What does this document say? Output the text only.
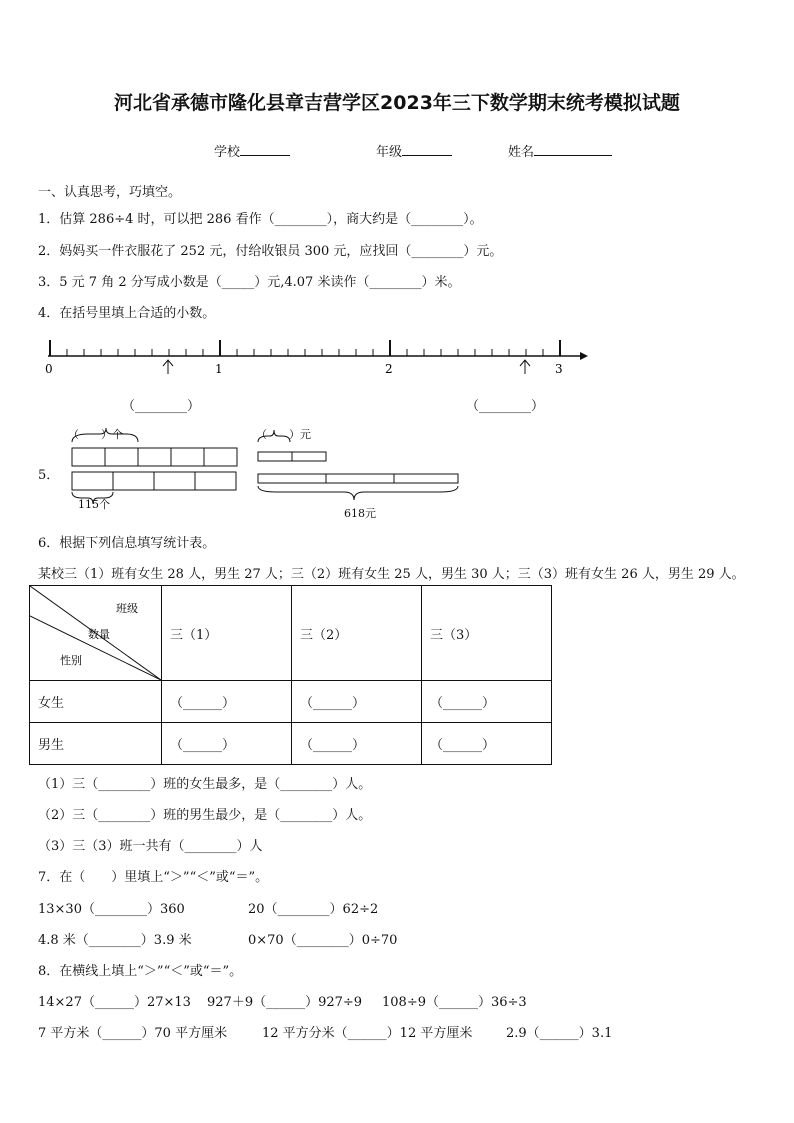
河北省承德市隆化县章吉营学区2023年三下数学期末统考模拟试题
学校	年级	姓名
一、认真思考，巧填空。
1．估算 286÷4 时，可以把 286 看作（________），商大约是（________）。
2．妈妈买一件衣服花了 252 元，付给收银员 300 元，应找回（________）元。
3．5 元 7 角 2 分写成小数是（_____）元,4.07 米读作（________）米。
4．在括号里填上合适的小数。
0	1	2	3
（________）	（________）
5．
（　　）个
115个
（　　）元
618元
6．根据下列信息填写统计表。
某校三（1）班有女生 28 人，男生 27 人；三（2）班有女生 25 人，男生 30 人；三（3）班有女生 26 人，男生 29 人。
班级
数量
性别	三（1）	三（2）	三（3）
女生	（______）	（______）	（______）
男生	（______）	（______）	（______）
（1）三（________）班的女生最多，是（________）人。
（2）三（________）班的男生最少，是（________）人。
（3）三（3）班一共有（________）人
7．在（　　）里填上“＞”“＜”或“＝”。
13×30（________）360	20（________）62÷2
4.8 米（________）3.9 米	0×70（________）0÷70
8．在横线上填上“＞”“＜”或“＝”。
14×27（______）27×13 927＋9（______）927÷9 108÷9（______）36÷3
7 平方米（______）70 平方厘米	12 平方分米（______）12 平方厘米	2.9（______）3.1
